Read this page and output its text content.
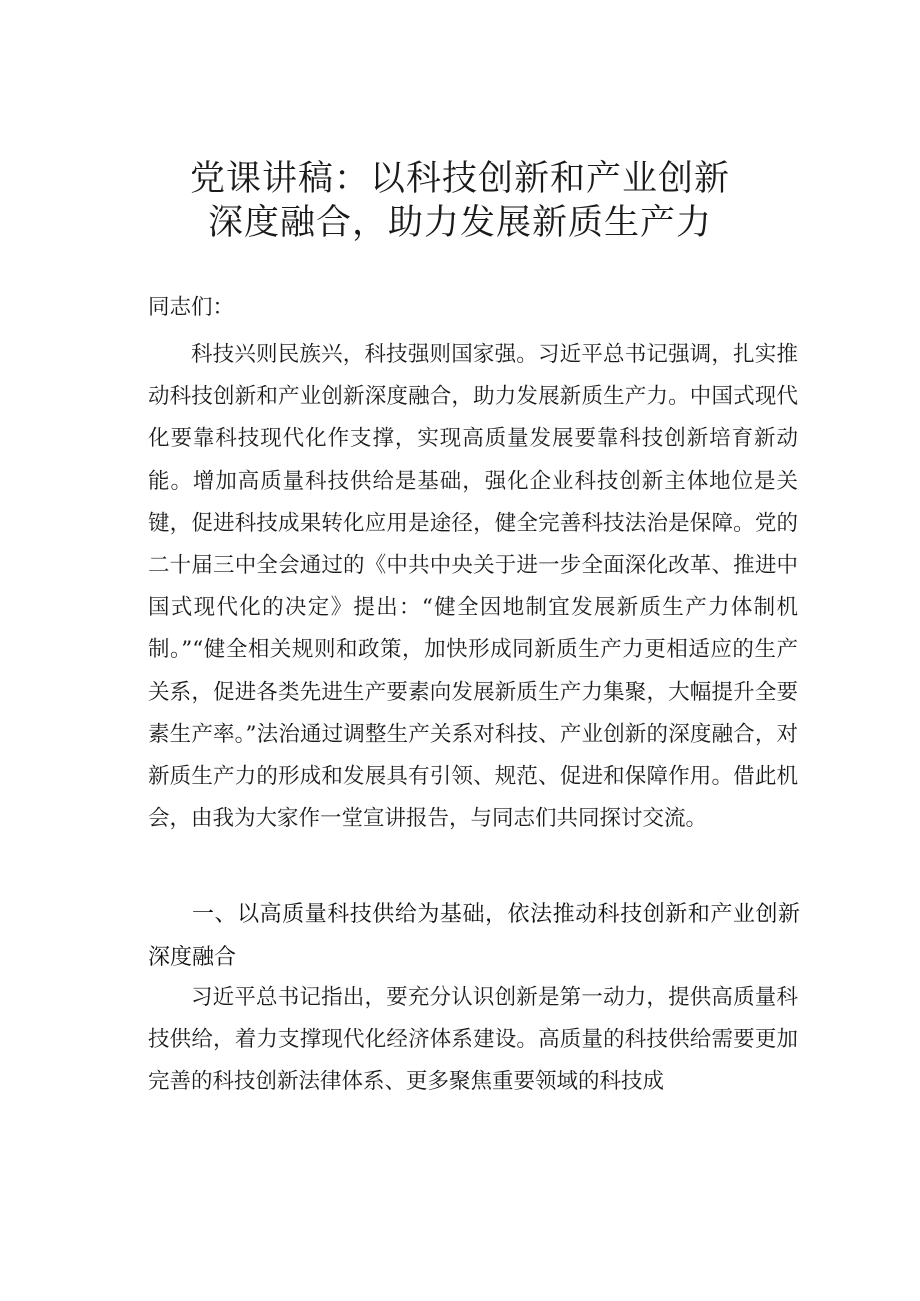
党课讲稿：以科技创新和产业创新
深度融合，助力发展新质生产力
同志们：

科技兴则民族兴，科技强则国家强。习近平总书记强调，扎实推动科技创新和产业创新深度融合，助力发展新质生产力。中国式现代化要靠科技现代化作支撑，实现高质量发展要靠科技创新培育新动能。增加高质量科技供给是基础，强化企业科技创新主体地位是关键，促进科技成果转化应用是途径，健全完善科技法治是保障。党的二十届三中全会通过的《中共中央关于进一步全面深化改革、推进中国式现代化的决定》提出：“健全因地制宜发展新质生产力体制机制。”“健全相关规则和政策，加快形成同新质生产力更相适应的生产关系，促进各类先进生产要素向发展新质生产力集聚，大幅提升全要素生产率。”法治通过调整生产关系对科技、产业创新的深度融合，对新质生产力的形成和发展具有引领、规范、促进和保障作用。借此机会，由我为大家作一堂宣讲报告，与同志们共同探讨交流。

一、以高质量科技供给为基础，依法推动科技创新和产业创新深度融合

习近平总书记指出，要充分认识创新是第一动力，提供高质量科技供给，着力支撑现代化经济体系建设。高质量的科技供给需要更加完善的科技创新法律体系、更多聚焦重要领域的科技成
